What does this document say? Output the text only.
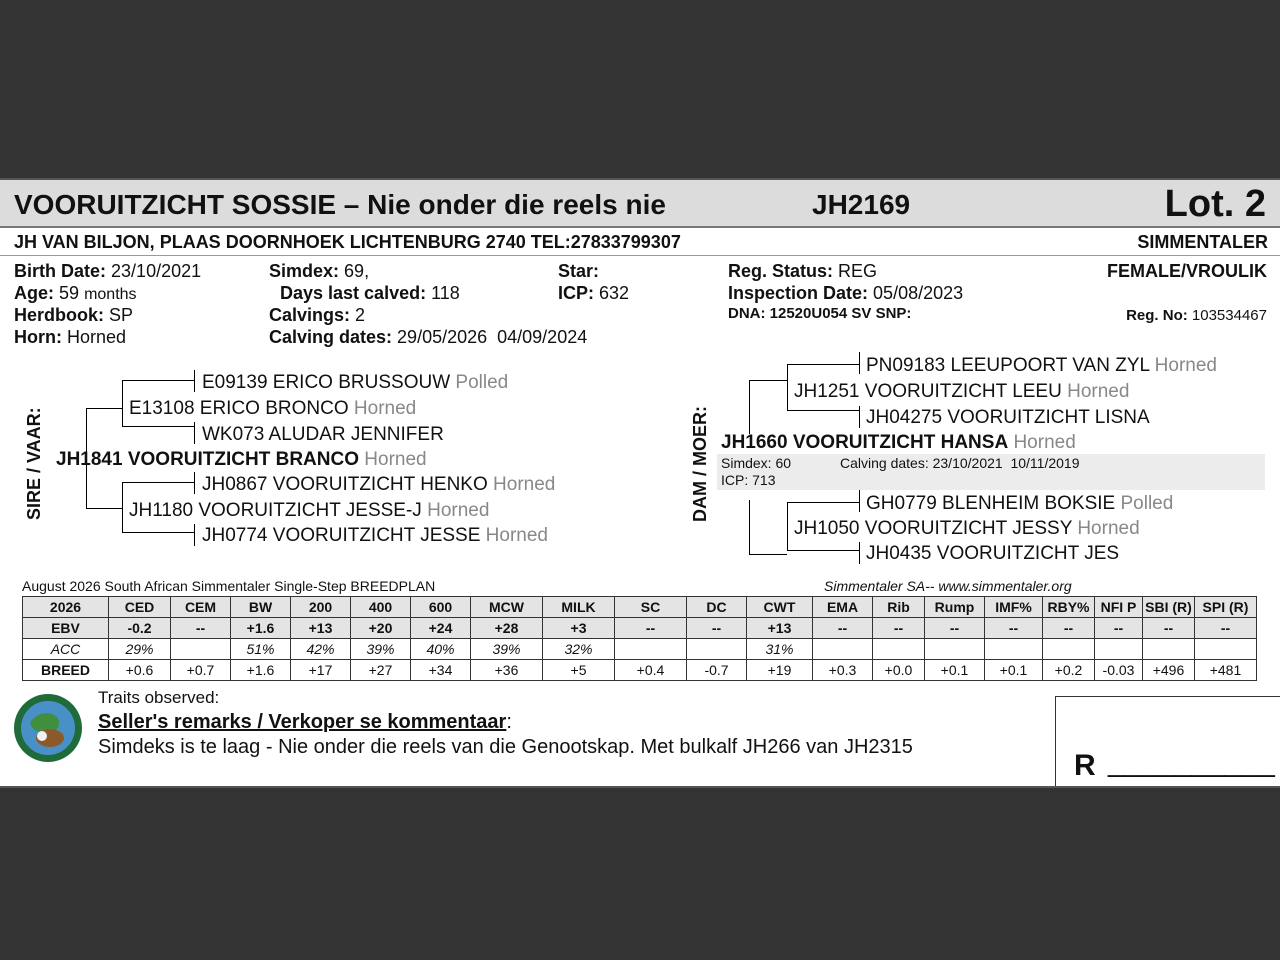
VOORUITZICHT SOSSIE – Nie onder die reels nie	JH2169	Lot. 2
JH VAN BILJON, PLAAS DOORNHOEK LICHTENBURG 2740 TEL:27833799307	SIMMENTALER
Birth Date: 23/10/2021
Age: 59 months
Herdbook: SP
Horn: Horned
Simdex: 69,
Days last calved: 118
Calvings: 2
Calving dates: 29/05/2026  04/09/2024
Star:
ICP: 632
Reg. Status: REG
Inspection Date: 05/08/2023
DNA: 12520U054 SV SNP:
FEMALE/VROULIK
Reg. No: 103534467
SIRE / VAAR:
E09139 ERICO BRUSSOUW Polled
E13108 ERICO BRONCO Horned
WK073 ALUDAR JENNIFER
JH1841 VOORUITZICHT BRANCO Horned
JH0867 VOORUITZICHT HENKO Horned
JH1180 VOORUITZICHT JESSE-J Horned
JH0774 VOORUITZICHT JESSE Horned
DAM / MOER:
PN09183 LEEUPOORT VAN ZYL Horned
JH1251 VOORUITZICHT LEEU Horned
JH04275 VOORUITZICHT LISNA
JH1660 VOORUITZICHT HANSA Horned
Simdex: 60	Calving dates: 23/10/2021  10/11/2019
ICP: 713
GH0779 BLENHEIM BOKSIE Polled
JH1050 VOORUITZICHT JESSY Horned
JH0435 VOORUITZICHT JES
August 2026 South African Simmentaler Single-Step BREEDPLAN	Simmentaler SA-- www.simmentaler.org
2026	CED	CEM	BW	200	400	600	MCW	MILK	SC	DC	CWT	EMA	Rib	Rump	IMF%	RBY%	NFI P	SBI (R)	SPI (R)
EBV	-0.2	--	+1.6	+13	+20	+24	+28	+3	--	--	+13	--	--	--	--	--	--	--	--
ACC	29%		51%	42%	39%	40%	39%	32%			31%								
BREED	+0.6	+0.7	+1.6	+17	+27	+34	+36	+5	+0.4	-0.7	+19	+0.3	+0.0	+0.1	+0.1	+0.2	-0.03	+496	+481
Traits observed:
Seller's remarks / Verkoper se kommentaar:
Simdeks is te laag - Nie onder die reels van die Genootskap. Met bulkalf JH266 van JH2315
R __________
